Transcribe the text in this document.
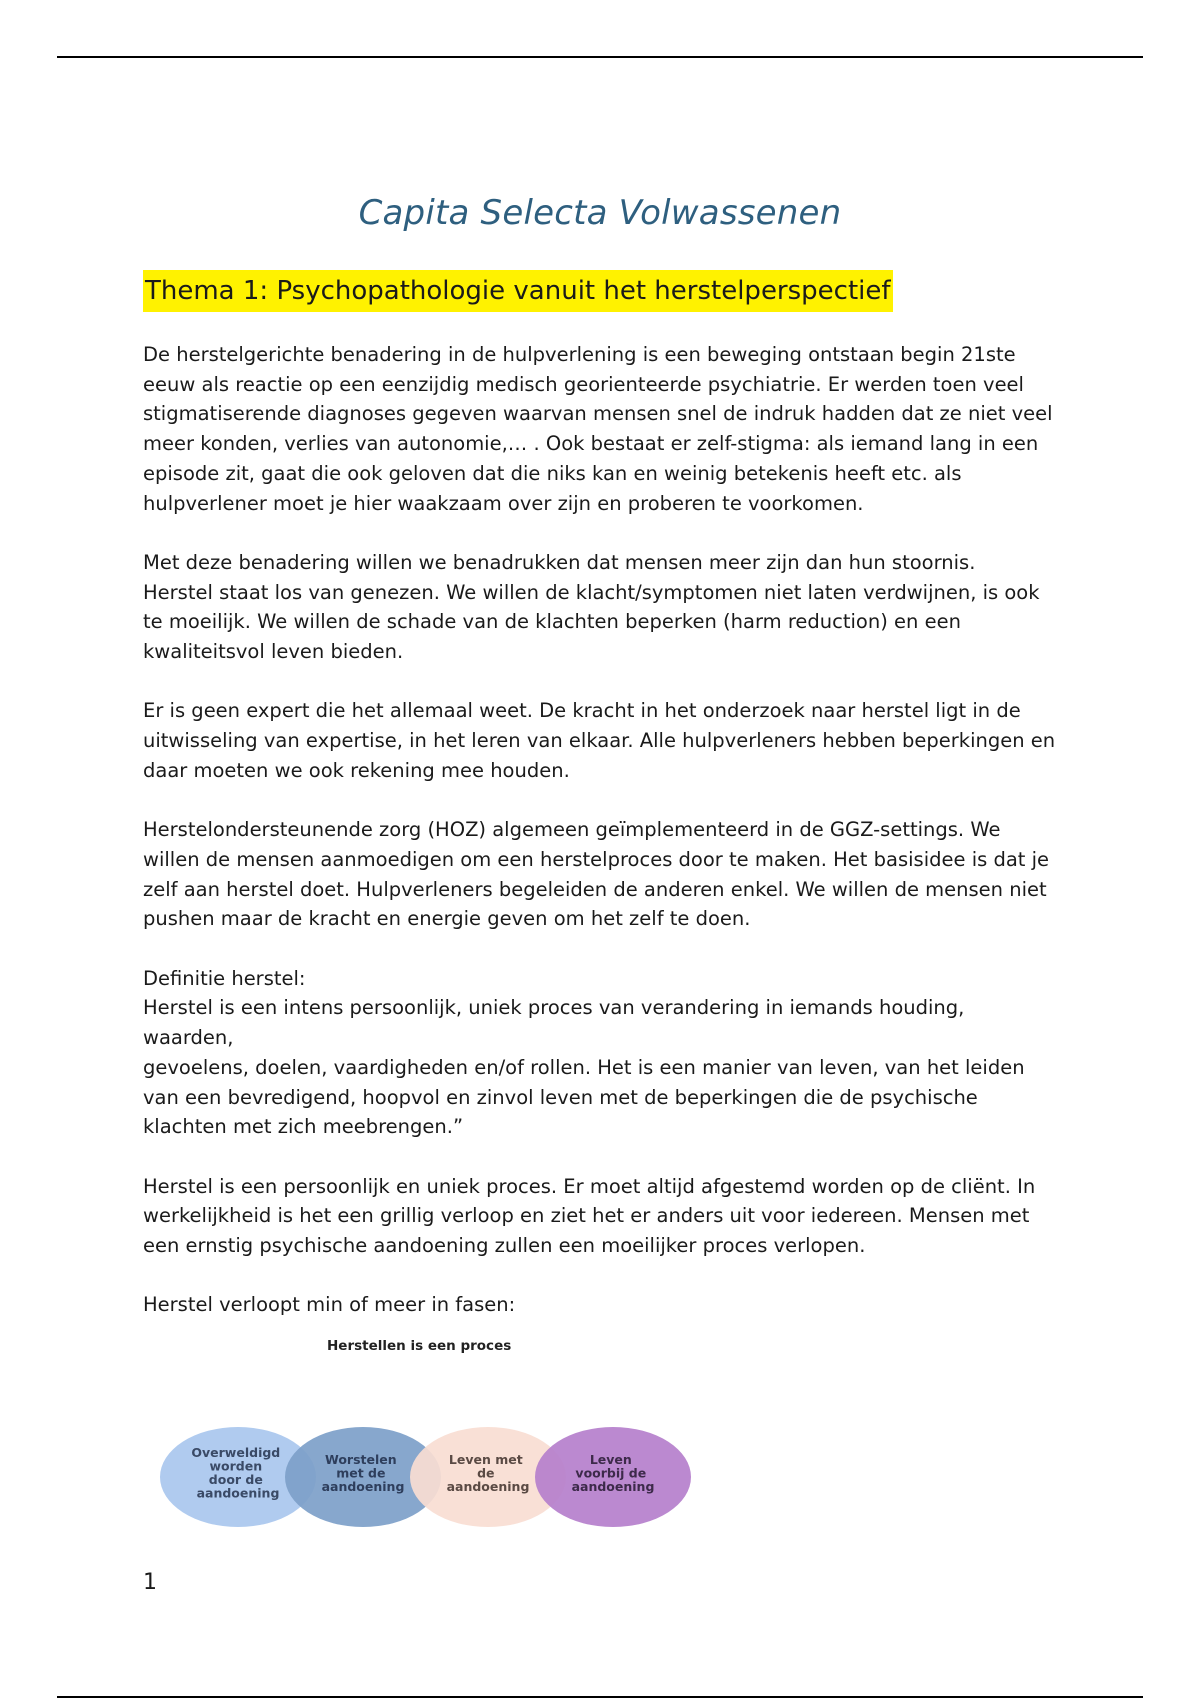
Capita Selecta Volwassenen
Thema 1: Psychopathologie vanuit het herstelperspectief

De herstelgerichte benadering in de hulpverlening is een beweging ontstaan begin 21ste
eeuw als reactie op een eenzijdig medisch georienteerde psychiatrie. Er werden toen veel
stigmatiserende diagnoses gegeven waarvan mensen snel de indruk hadden dat ze niet veel
meer konden, verlies van autonomie,… . Ook bestaat er zelf-stigma: als iemand lang in een
episode zit, gaat die ook geloven dat die niks kan en weinig betekenis heeft etc. als
hulpverlener moet je hier waakzaam over zijn en proberen te voorkomen.

Met deze benadering willen we benadrukken dat mensen meer zijn dan hun stoornis.
Herstel staat los van genezen. We willen de klacht/symptomen niet laten verdwijnen, is ook
te moeilijk. We willen de schade van de klachten beperken (harm reduction) en een
kwaliteitsvol leven bieden.

Er is geen expert die het allemaal weet. De kracht in het onderzoek naar herstel ligt in de
uitwisseling van expertise, in het leren van elkaar. Alle hulpverleners hebben beperkingen en
daar moeten we ook rekening mee houden.

Herstelondersteunende zorg (HOZ) algemeen geïmplementeerd in de GGZ-settings. We
willen de mensen aanmoedigen om een herstelproces door te maken. Het basisidee is dat je
zelf aan herstel doet. Hulpverleners begeleiden de anderen enkel. We willen de mensen niet
pushen maar de kracht en energie geven om het zelf te doen.

Definitie herstel:
Herstel is een intens persoonlijk, uniek proces van verandering in iemands houding,
waarden,
gevoelens, doelen, vaardigheden en/of rollen. Het is een manier van leven, van het leiden
van een bevredigend, hoopvol en zinvol leven met de beperkingen die de psychische
klachten met zich meebrengen.”

Herstel is een persoonlijk en uniek proces. Er moet altijd afgestemd worden op de cliënt. In
werkelijkheid is het een grillig verloop en ziet het er anders uit voor iedereen. Mensen met
een ernstig psychische aandoening zullen een moeilijker proces verlopen.

Herstel verloopt min of meer in fasen:

Herstellen is een proces
Overweldigd worden door de aandoening
Worstelen met de aandoening
Leven met de aandoening
Leven voorbij de aandoening
1
